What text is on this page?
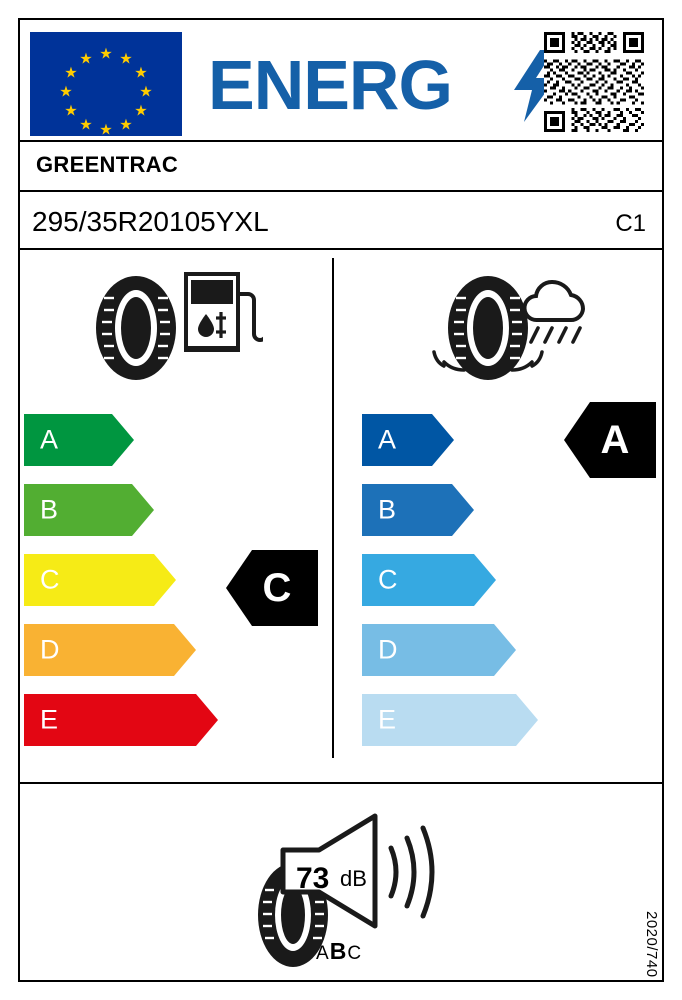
★
★ ★
★	★
★	★
★	★
★ ★
★
ENERG
GREENTRAC
295/35R20105YXL	C1
A
B
C
D
E
C
A
B
C
D
E
A
73 dB
ABC	2020/740
